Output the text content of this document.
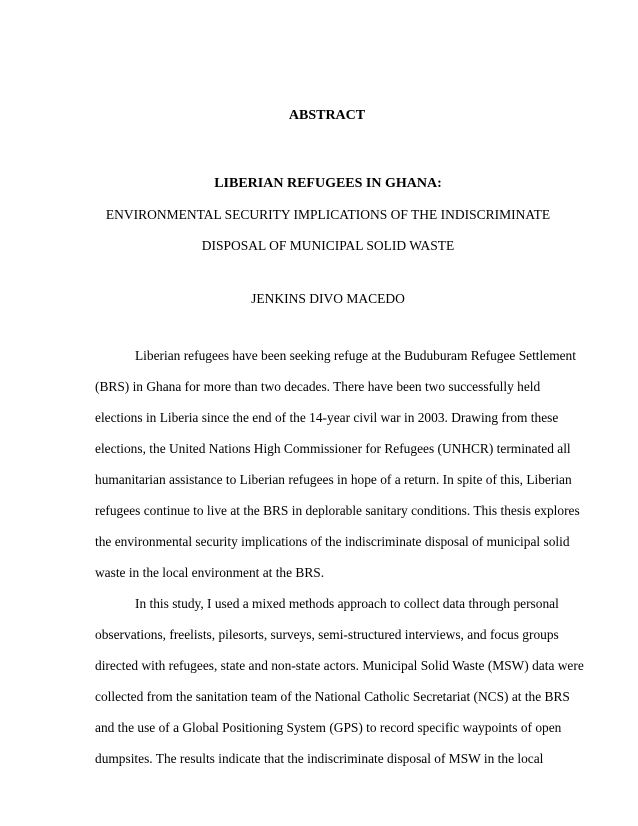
ABSTRACT
LIBERIAN REFUGEES IN GHANA:
ENVIRONMENTAL SECURITY IMPLICATIONS OF THE INDISCRIMINATE
DISPOSAL OF MUNICIPAL SOLID WASTE
JENKINS DIVO MACEDO
Liberian refugees have been seeking refuge at the Buduburam Refugee Settlement
(BRS) in Ghana for more than two decades. There have been two successfully held
elections in Liberia since the end of the 14-year civil war in 2003. Drawing from these
elections, the United Nations High Commissioner for Refugees (UNHCR) terminated all
humanitarian assistance to Liberian refugees in hope of a return. In spite of this, Liberian
refugees continue to live at the BRS in deplorable sanitary conditions. This thesis explores
the environmental security implications of the indiscriminate disposal of municipal solid
waste in the local environment at the BRS.
In this study, I used a mixed methods approach to collect data through personal
observations, freelists, pilesorts, surveys, semi-structured interviews, and focus groups
directed with refugees, state and non-state actors. Municipal Solid Waste (MSW) data were
collected from the sanitation team of the National Catholic Secretariat (NCS) at the BRS
and the use of a Global Positioning System (GPS) to record specific waypoints of open
dumpsites. The results indicate that the indiscriminate disposal of MSW in the local
